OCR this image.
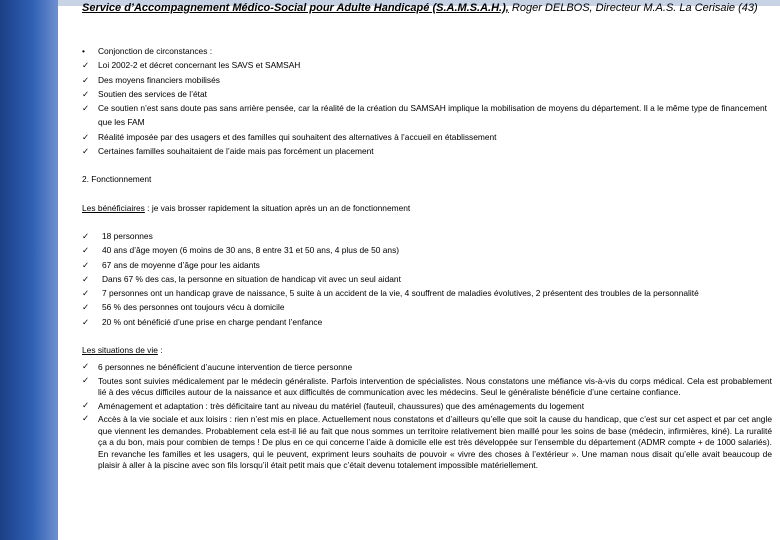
Service d’Accompagnement Médico-Social pour Adulte Handicapé (S.A.M.S.A.H.), Roger DELBOS, Directeur M.A.S. La Cerisaie (43)
•	Conjonction de circonstances :
✓	Loi 2002-2 et décret concernant les SAVS et SAMSAH
✓	Des moyens financiers mobilisés
✓	Soutien des services de l’état
✓	Ce soutien n’est sans doute pas sans arrière pensée, car la réalité de la création du SAMSAH implique la mobilisation de moyens du département. Il a le même type de financement que les FAM
✓	Réalité imposée par des usagers et des familles qui souhaitent des alternatives à l’accueil en établissement
✓	Certaines familles souhaitaient de l’aide mais pas forcément un placement
2. Fonctionnement
Les bénéficiaires : je vais brosser rapidement la situation après un an de fonctionnement
✓	18 personnes
✓	40 ans d’âge moyen (6 moins de 30 ans, 8 entre 31 et 50 ans, 4 plus de 50 ans)
✓	67 ans de moyenne d’âge pour les aidants
✓	Dans 67 % des cas, la personne en situation de handicap vit avec un seul aidant
✓	7 personnes ont un handicap grave de naissance, 5 suite à un accident de la vie, 4 souffrent de maladies évolutives, 2 présentent des troubles de la personnalité
✓	56 % des personnes ont toujours vécu à domicile
✓	20 % ont bénéficié d’une prise en charge pendant l’enfance
Les situations de vie :
✓	6 personnes ne bénéficient d’aucune intervention de tierce personne
✓	Toutes sont suivies médicalement par le médecin généraliste. Parfois intervention de spécialistes. Nous constatons une méfiance vis-à-vis du corps médical. Cela est probablement lié à des vécus difficiles autour de la naissance et aux difficultés de communication avec les médecins. Seul le généraliste bénéficie d’une certaine confiance.
✓	Aménagement et adaptation : très déficitaire tant au niveau du matériel (fauteuil, chaussures) que des aménagements du logement
✓	Accès à la vie sociale et aux loisirs : rien n’est mis en place. Actuellement nous constatons et d’ailleurs qu’elle que soit la cause du handicap, que c’est sur cet aspect et par cet angle que viennent les demandes. Probablement cela est-il lié au fait que nous sommes un territoire relativement bien maillé pour les soins de base (médecin, infirmières, kiné). La ruralité ça a du bon, mais pour combien de temps ! De plus en ce qui concerne l’aide à domicile elle est très développée sur l’ensemble du département (ADMR compte + de 1000 salariés). En revanche les familles et les usagers, qui le peuvent, expriment leurs souhaits de pouvoir « vivre des choses à l’extérieur ». Une maman nous disait qu’elle avait beaucoup de plaisir à aller à la piscine avec son fils lorsqu’il était petit mais que c’était devenu totalement impossible matériellement.
